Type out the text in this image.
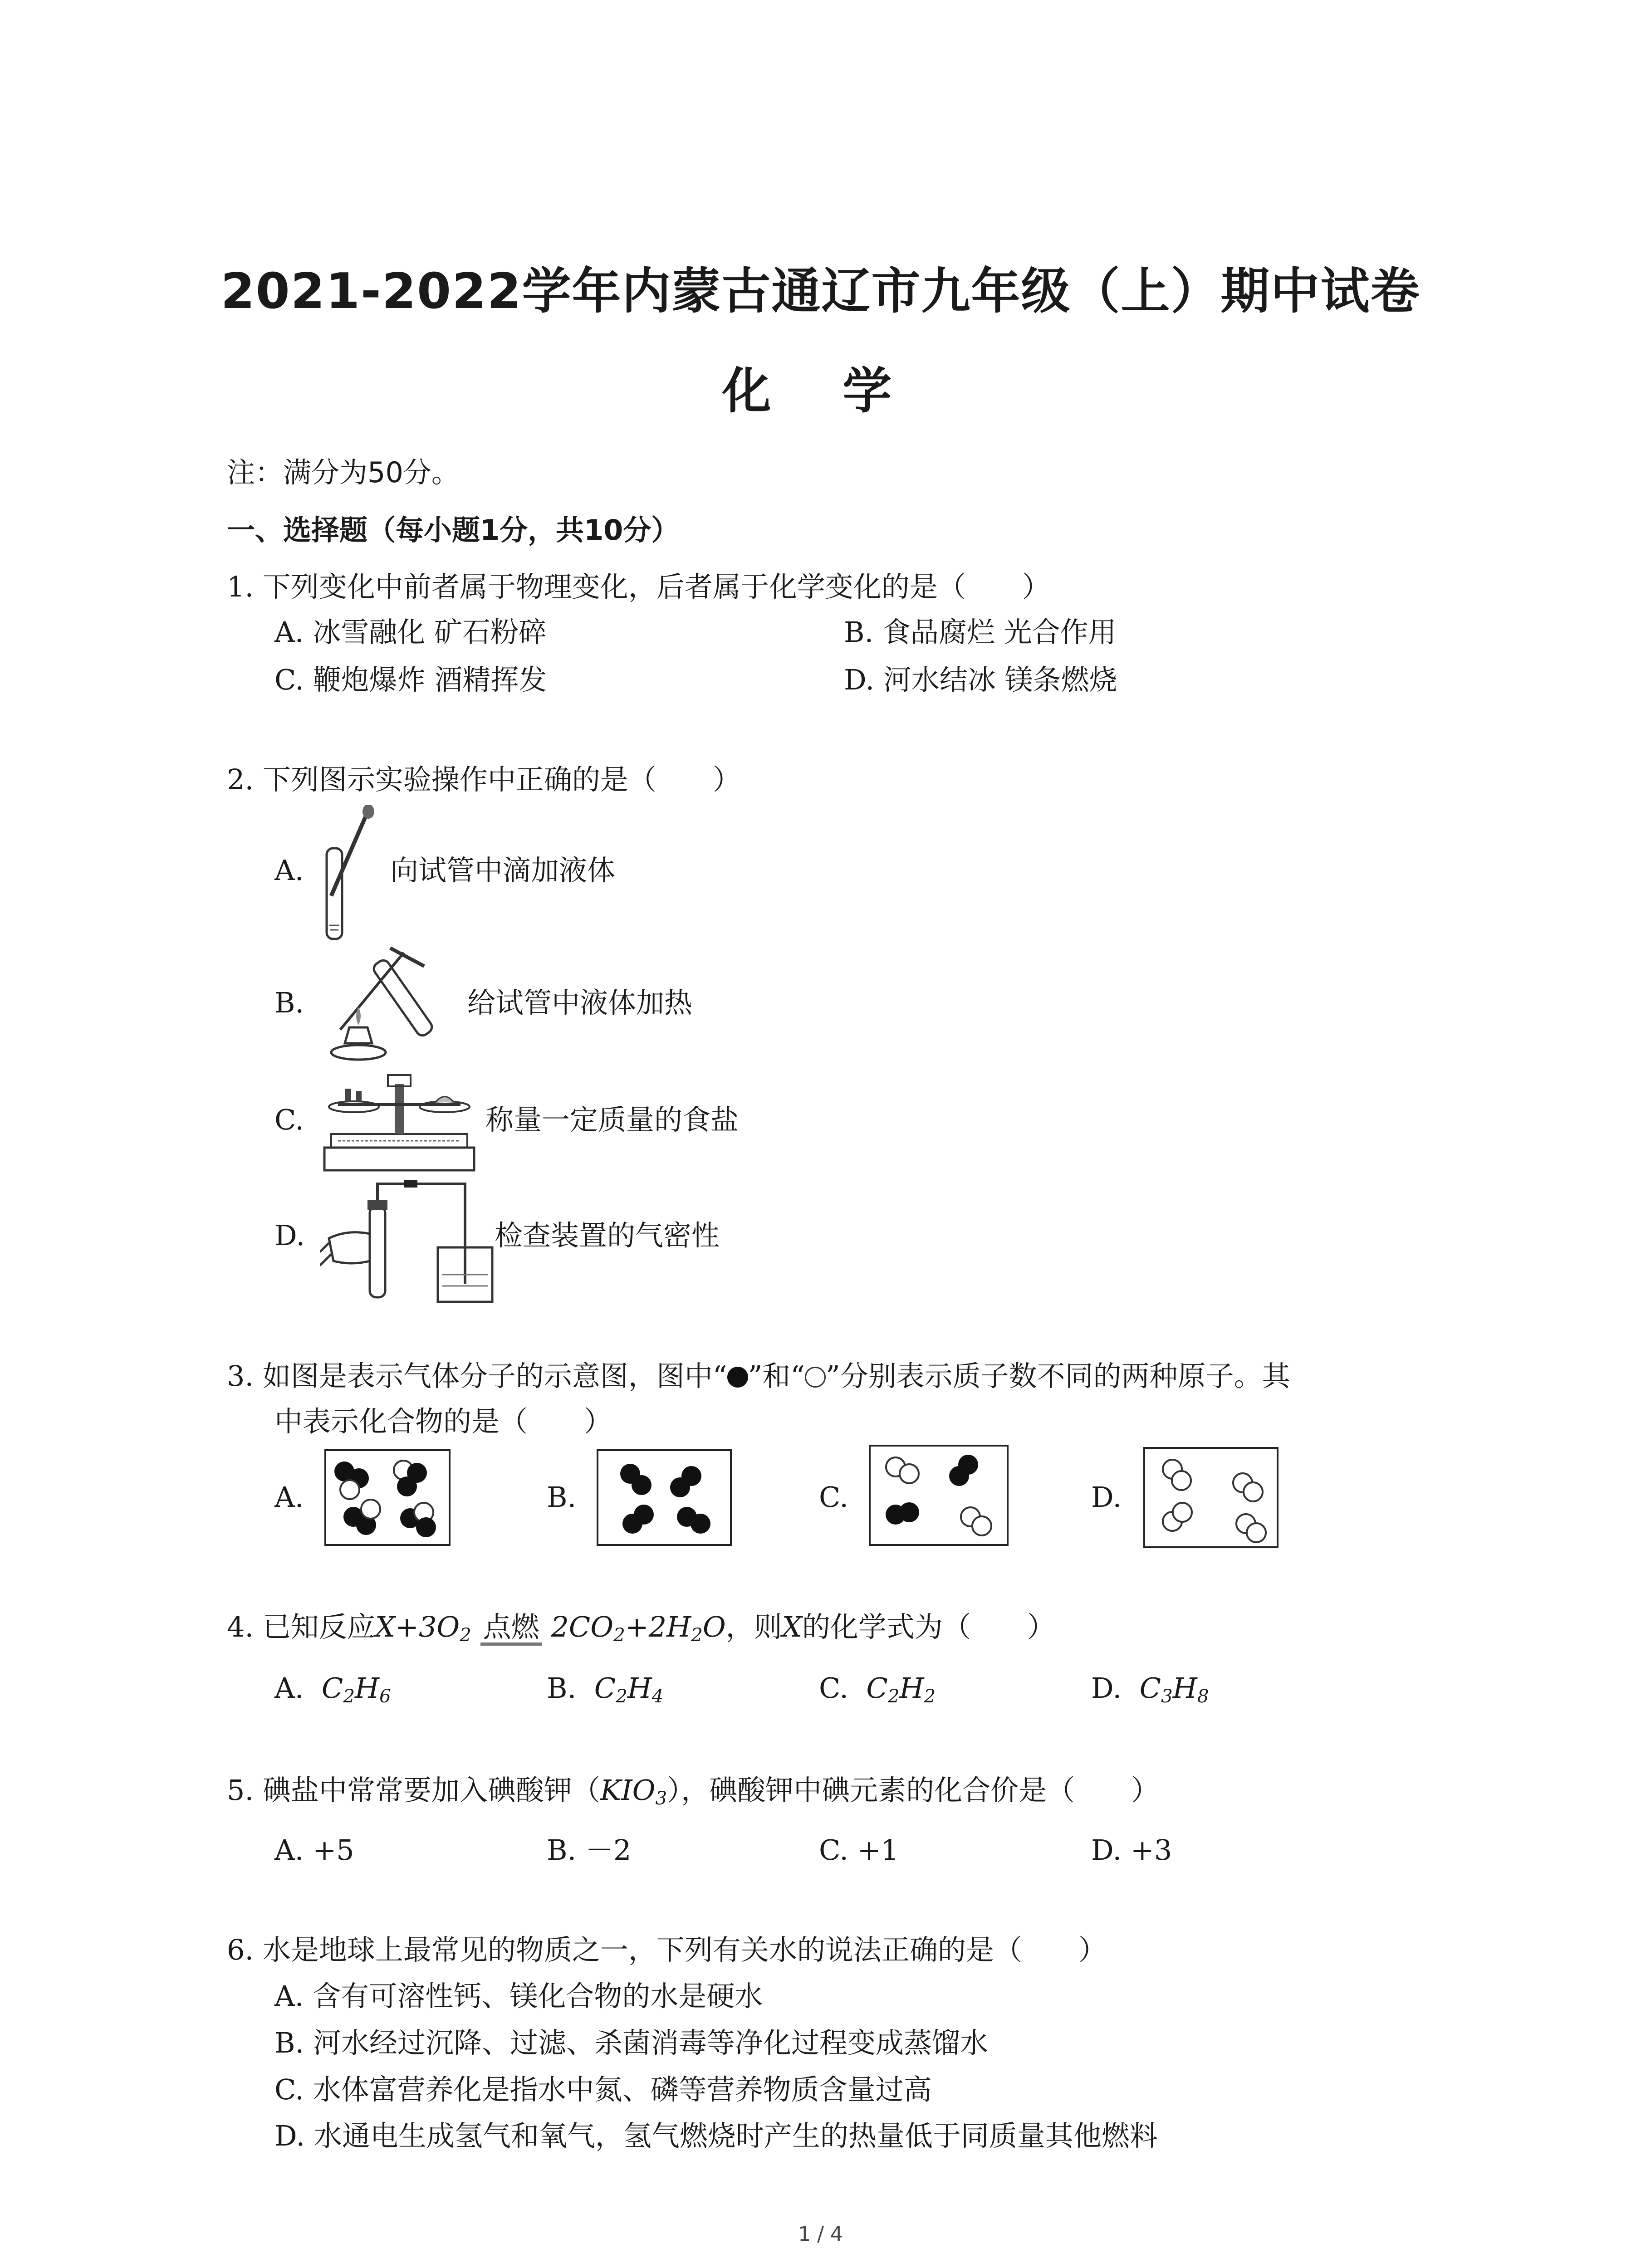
2021-2022学年内蒙古通辽市九年级（上）期中试卷
化 学
注：满分为50分。
一、选择题（每小题1分，共10分）
1. 下列变化中前者属于物理变化，后者属于化学变化的是（　　）
A. 冰雪融化 矿石粉碎	B. 食品腐烂 光合作用
C. 鞭炮爆炸 酒精挥发	D. 河水结冰 镁条燃烧
2. 下列图示实验操作中正确的是（　　）
A.	向试管中滴加液体
B.	给试管中液体加热
C.	称量一定质量的食盐
D.	检查装置的气密性
3. 如图是表示气体分子的示意图，图中“ ”和“ ”分别表示质子数不同的两种原子。其
中表示化合物的是（　　）
A.	B.	C.	D.
4. 已知反应$X+3O_2$ 点燃 $2CO_2+2H_2O$，则X的化学式为（　　）
A. $C_2H_6$	B. $C_2H_4$	C. $C_2H_2$	D. $C_3H_8$
5. 碘盐中常常要加入碘酸钾$(KIO_3)$，碘酸钾中碘元素的化合价是（　　）
A. +5	B. －2	C. +1	D. +3
6. 水是地球上最常见的物质之一，下列有关水的说法正确的是（　　）
A. 含有可溶性钙、镁化合物的水是硬水
B. 河水经过沉降、过滤、杀菌消毒等净化过程变成蒸馏水
C. 水体富营养化是指水中氮、磷等营养物质含量过高
D. 水通电生成氢气和氧气，氢气燃烧时产生的热量低于同质量其他燃料
1 / 4
